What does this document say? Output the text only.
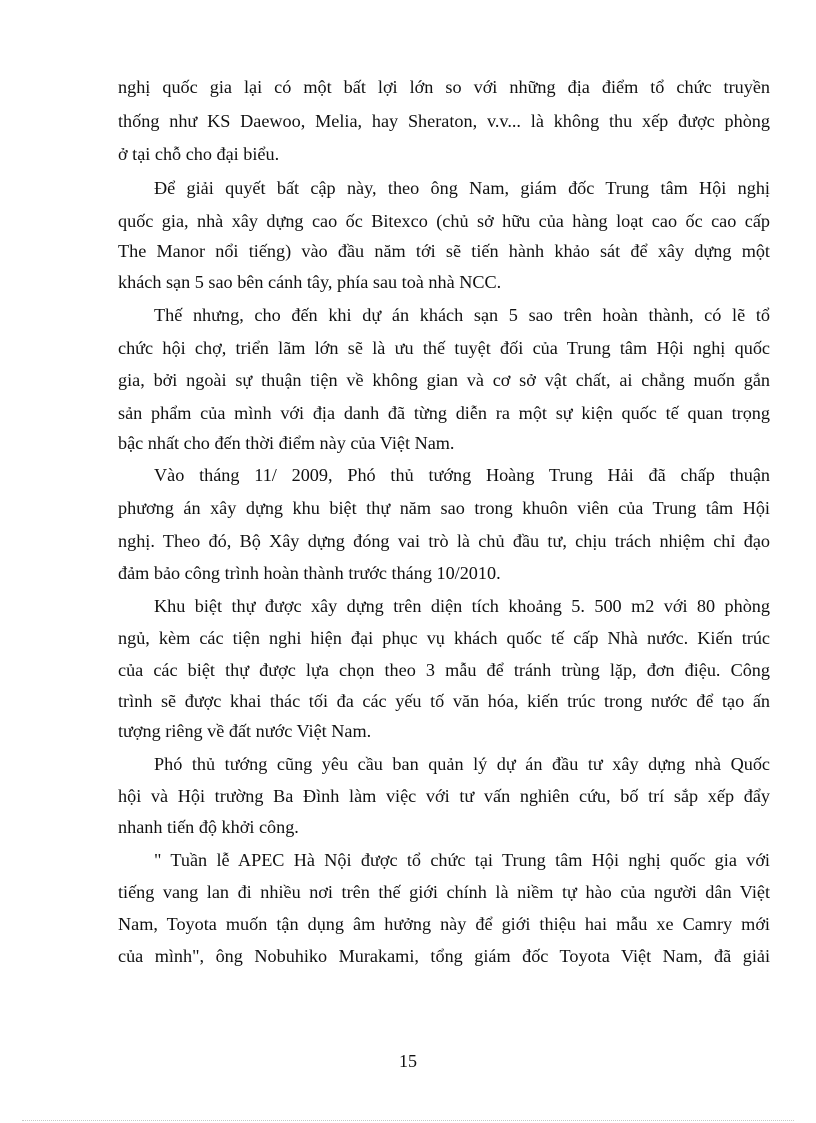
nghị quốc gia lại có một bất lợi lớn so với những địa điểm tổ chức truyền
thống như KS Daewoo, Melia, hay Sheraton, v.v... là không thu xếp được phòng
ở tại chỗ cho đại biểu.
Để giải quyết bất cập này, theo ông Nam, giám đốc Trung tâm Hội nghị
quốc gia, nhà xây dựng cao ốc Bitexco (chủ sở hữu của hàng loạt cao ốc cao cấp
The Manor nổi tiếng) vào đầu năm tới sẽ tiến hành khảo sát để xây dựng một
khách sạn 5 sao bên cánh tây, phía sau toà nhà NCC.
Thế nhưng, cho đến khi dự án khách sạn 5 sao trên hoàn thành, có lẽ tổ
chức hội chợ, triển lãm lớn sẽ là ưu thế tuyệt đối của Trung tâm Hội nghị quốc
gia, bởi ngoài sự thuận tiện về không gian và cơ sở vật chất, ai chẳng muốn gắn
sản phẩm của mình với địa danh đã từng diễn ra một sự kiện quốc tế quan trọng
bậc nhất cho đến thời điểm này của Việt Nam.
Vào tháng 11/ 2009, Phó thủ tướng Hoàng Trung Hải đã chấp thuận
phương án xây dựng khu biệt thự năm sao trong khuôn viên của Trung tâm Hội
nghị. Theo đó, Bộ Xây dựng đóng vai trò là chủ đầu tư, chịu trách nhiệm chỉ đạo
đảm bảo công trình hoàn thành trước tháng 10/2010.
Khu biệt thự được xây dựng trên diện tích khoảng 5. 500 m2 với 80 phòng
ngủ, kèm các tiện nghi hiện đại phục vụ khách quốc tế cấp Nhà nước. Kiến trúc
của các biệt thự được lựa chọn theo 3 mẫu để tránh trùng lặp, đơn điệu. Công
trình sẽ được khai thác tối đa các yếu tố văn hóa, kiến trúc trong nước để tạo ấn
tượng riêng về đất nước Việt Nam.
Phó thủ tướng cũng yêu cầu ban quản lý dự án đầu tư xây dựng nhà Quốc
hội và Hội trường Ba Đình làm việc với tư vấn nghiên cứu, bố trí sắp xếp đẩy
nhanh tiến độ khởi công.
" Tuần lễ APEC Hà Nội được tổ chức tại Trung tâm Hội nghị quốc gia với
tiếng vang lan đi nhiều nơi trên thế giới chính là niềm tự hào của người dân Việt
Nam, Toyota muốn tận dụng âm hưởng này để giới thiệu hai mẫu xe Camry mới
của mình", ông Nobuhiko Murakami, tổng giám đốc Toyota Việt Nam, đã giải
15
